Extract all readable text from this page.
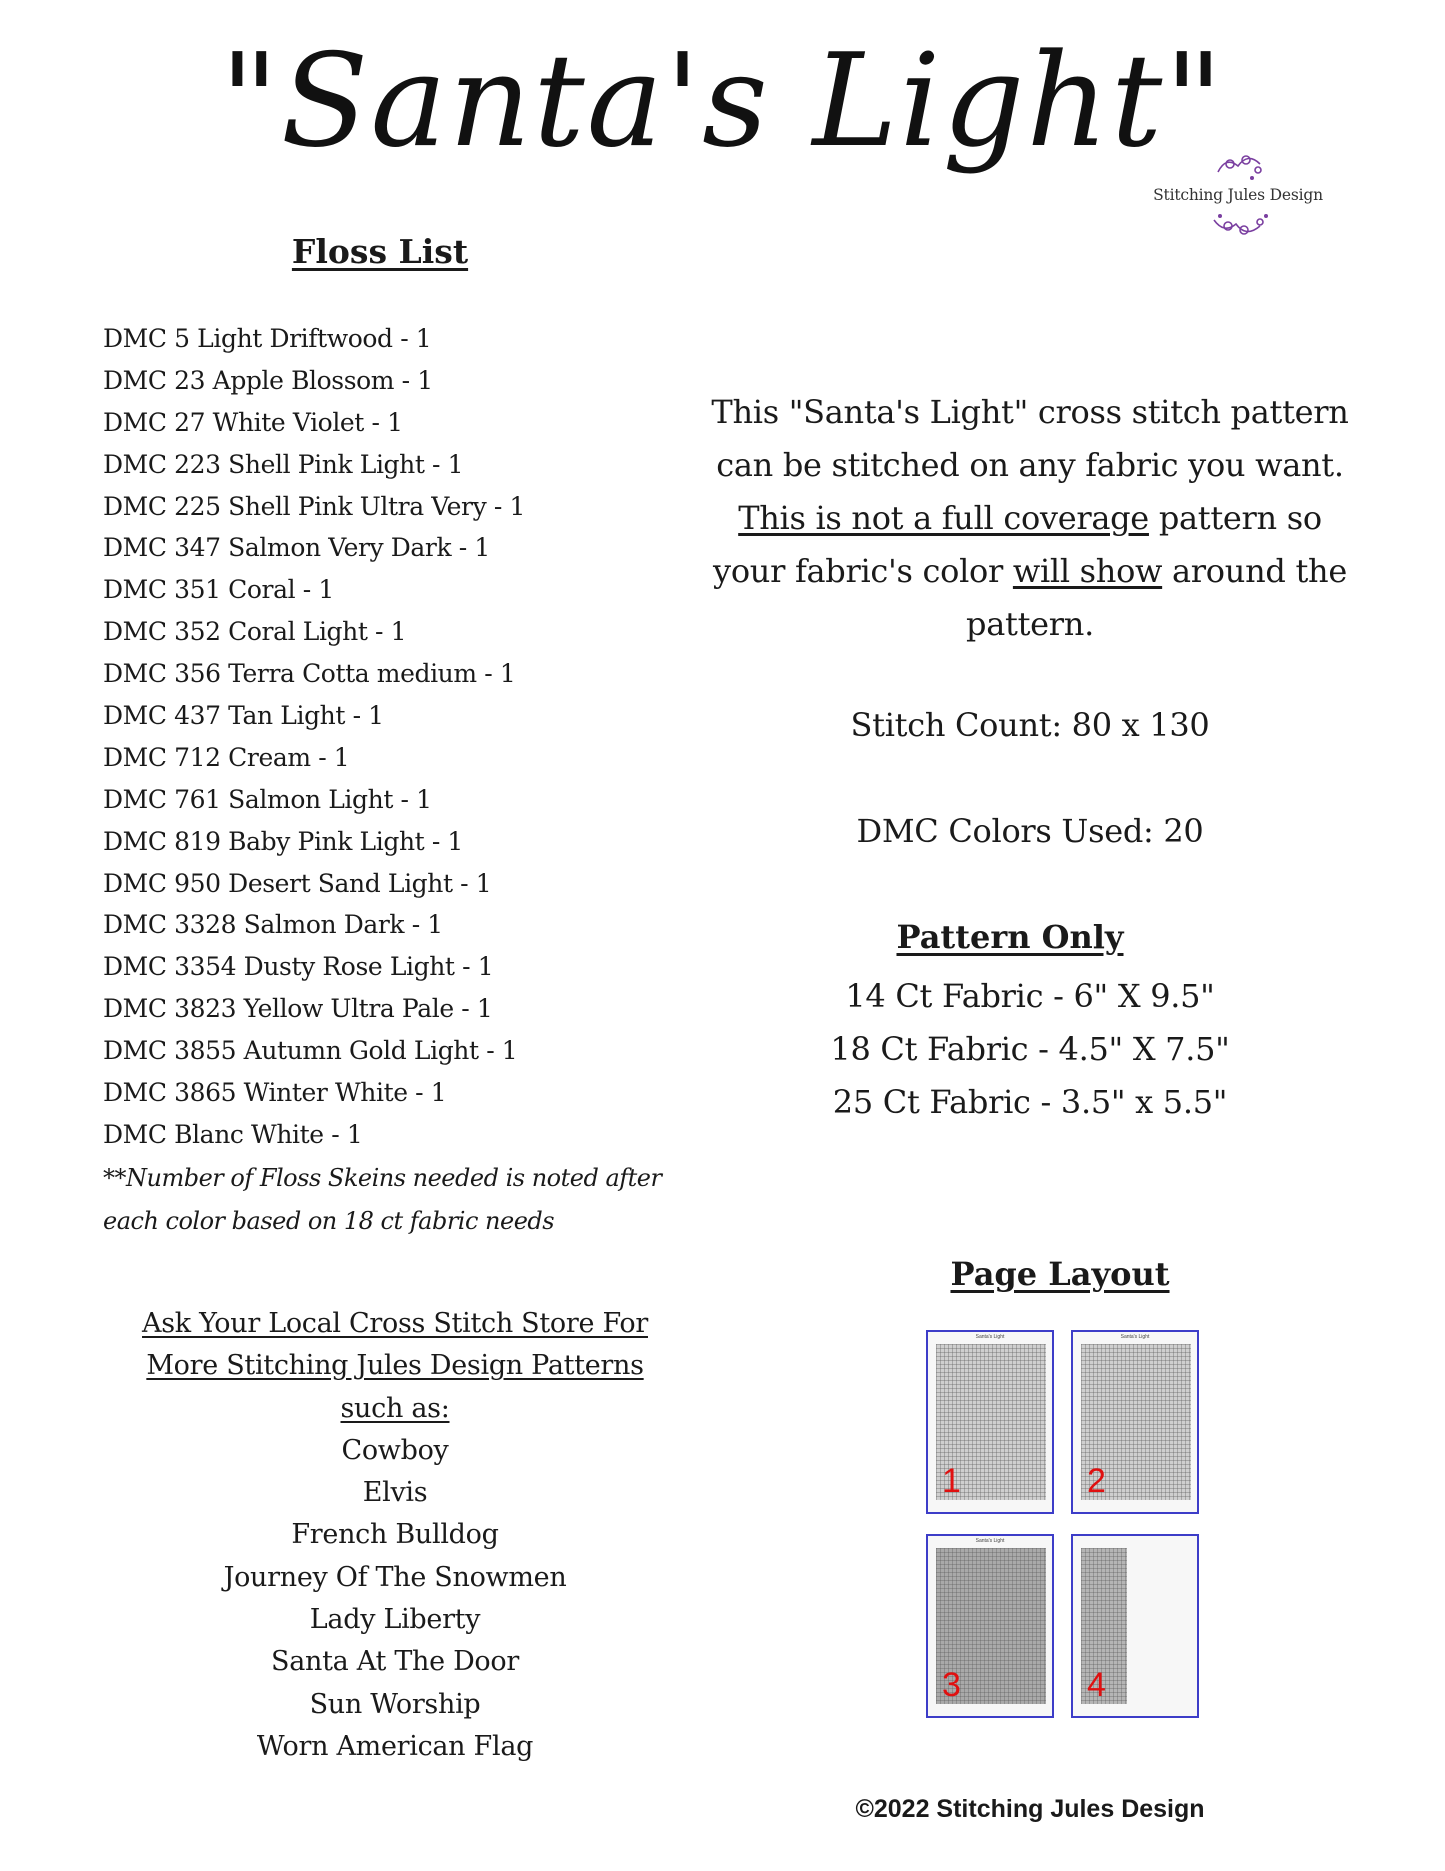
"Santa's Light"
Stitching Jules Design
Floss List
DMC 5 Light Driftwood - 1
DMC 23 Apple Blossom - 1
DMC 27 White Violet - 1
DMC 223 Shell Pink Light - 1
DMC 225 Shell Pink Ultra Very - 1
DMC 347 Salmon Very Dark - 1
DMC 351 Coral - 1
DMC 352 Coral Light - 1
DMC 356 Terra Cotta medium - 1
DMC 437 Tan Light - 1
DMC 712 Cream - 1
DMC 761 Salmon Light - 1
DMC 819 Baby Pink Light - 1
DMC 950 Desert Sand Light - 1
DMC 3328 Salmon Dark - 1
DMC 3354 Dusty Rose Light - 1
DMC 3823 Yellow Ultra Pale - 1
DMC 3855 Autumn Gold Light - 1
DMC 3865 Winter White - 1
DMC Blanc White - 1
**Number of Floss Skeins needed is noted after each color based on 18 ct fabric needs
This "Santa's Light" cross stitch pattern can be stitched on any fabric you want. This is not a full coverage pattern so your fabric's color will show around the pattern.
Stitch Count: 80 x 130
DMC Colors Used: 20
Pattern Only
14 Ct Fabric - 6" X 9.5"
18 Ct Fabric - 4.5" X 7.5"
25 Ct Fabric - 3.5" x 5.5"
Page Layout
Santa's Light
1
Santa's Light
2
Santa's Light
3	4
Ask Your Local Cross Stitch Store For
More Stitching Jules Design Patterns
such as:
Cowboy
Elvis
French Bulldog
Journey Of The Snowmen
Lady Liberty
Santa At The Door
Sun Worship
Worn American Flag
©2022 Stitching Jules Design
